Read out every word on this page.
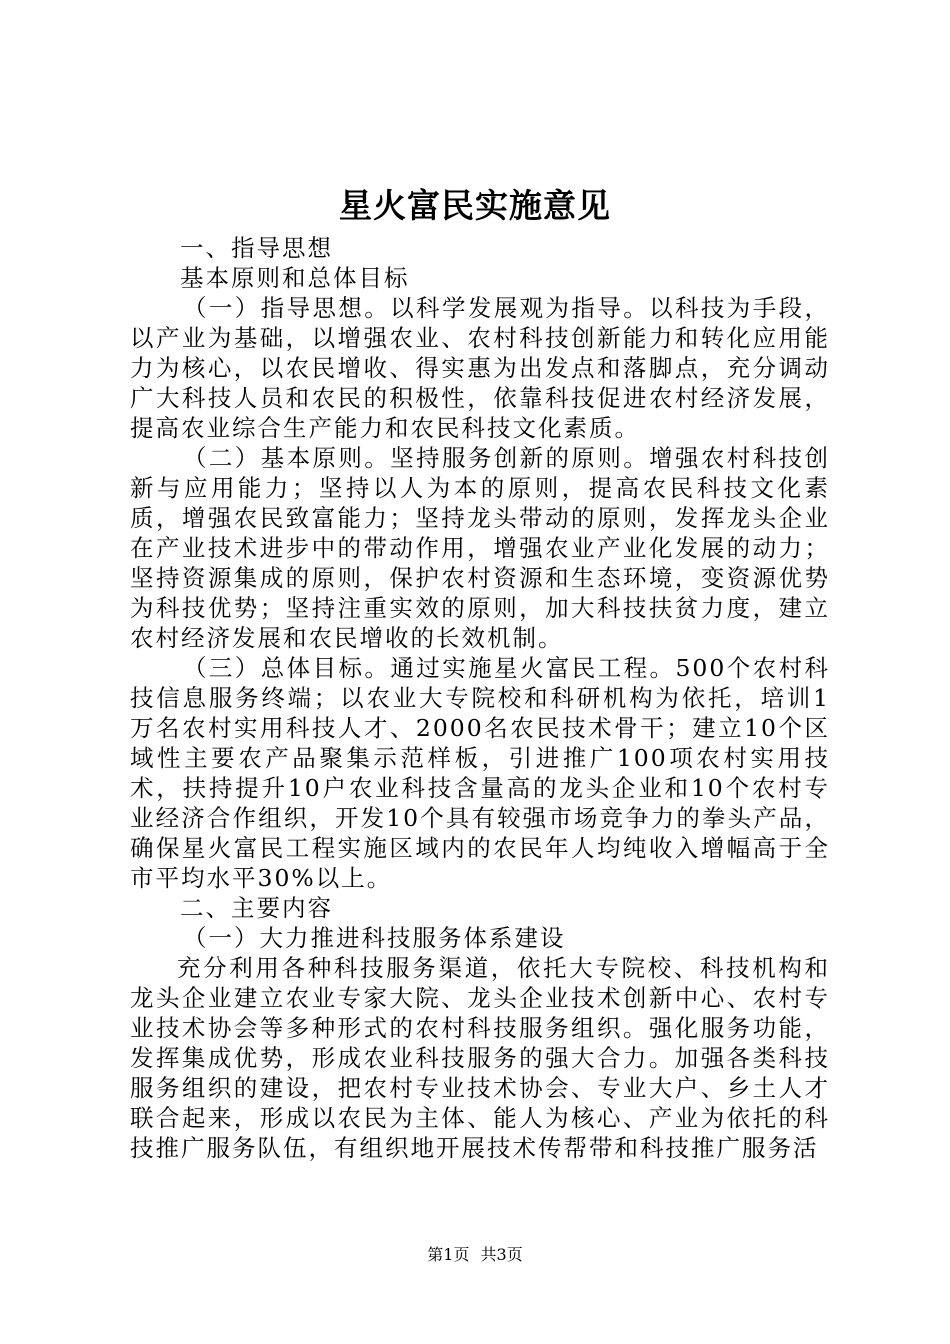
星火富民实施意见

一、指导思想

基本原则和总体目标

（一）指导思想。以科学发展观为指导。以科技为手段，以产业为基础，以增强农业、农村科技创新能力和转化应用能力为核心，以农民增收、得实惠为出发点和落脚点，充分调动广大科技人员和农民的积极性，依靠科技促进农村经济发展，提高农业综合生产能力和农民科技文化素质。

（二）基本原则。坚持服务创新的原则。增强农村科技创新与应用能力；坚持以人为本的原则，提高农民科技文化素质，增强农民致富能力；坚持龙头带动的原则，发挥龙头企业在产业技术进步中的带动作用，增强农业产业化发展的动力；坚持资源集成的原则，保护农村资源和生态环境，变资源优势为科技优势；坚持注重实效的原则，加大科技扶贫力度，建立农村经济发展和农民增收的长效机制。

（三）总体目标。通过实施星火富民工程。500个农村科技信息服务终端；以农业大专院校和科研机构为依托，培训1万名农村实用科技人才、2000名农民技术骨干；建立10个区域性主要农产品聚集示范样板，引进推广100项农村实用技术，扶持提升10户农业科技含量高的龙头企业和10个农村专业经济合作组织，开发10个具有较强市场竞争力的拳头产品，确保星火富民工程实施区域内的农民年人均纯收入增幅高于全市平均水平30%以上。

二、主要内容

（一）大力推进科技服务体系建设

充分利用各种科技服务渠道，依托大专院校、科技机构和龙头企业建立农业专家大院、龙头企业技术创新中心、农村专业技术协会等多种形式的农村科技服务组织。强化服务功能，发挥集成优势，形成农业科技服务的强大合力。加强各类科技服务组织的建设，把农村专业技术协会、专业大户、乡土人才联合起来，形成以农民为主体、能人为核心、产业为依托的科技推广服务队伍，有组织地开展技术传帮带和科技推广服务活

第1页 共3页
